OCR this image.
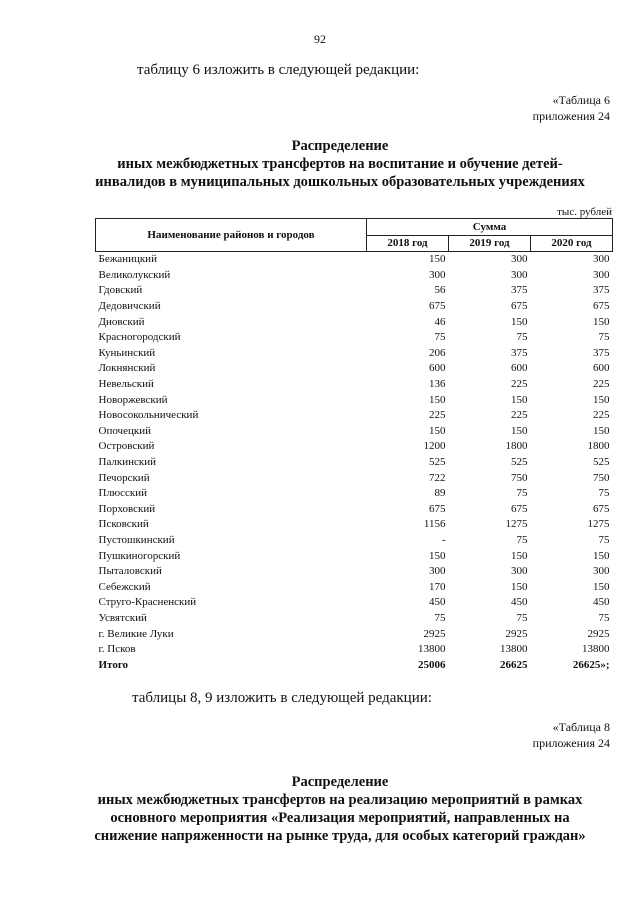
92
таблицу 6 изложить в следующей редакции:
«Таблица 6
приложения 24
Распределение
иных межбюджетных трансфертов на воспитание и обучение детей-
инвалидов в муниципальных дошкольных образовательных учреждениях
тыс. рублей
Наименование районов и городов	Сумма		
	2018 год	2019 год	2020 год
Бежаницкий	150	300	300
Великолукский	300	300	300
Гдовский	56	375	375
Дедовичский	675	675	675
Дновский	46	150	150
Красногородский	75	75	75
Куньинский	206	375	375
Локнянский	600	600	600
Невельский	136	225	225
Новоржевский	150	150	150
Новосокольнический	225	225	225
Опочецкий	150	150	150
Островский	1200	1800	1800
Палкинский	525	525	525
Печорский	722	750	750
Плюсский	89	75	75
Порховский	675	675	675
Псковский	1156	1275	1275
Пустошкинский	-	75	75
Пушкиногорский	150	150	150
Пыталовский	300	300	300
Себежский	170	150	150
Струго-Красненский	450	450	450
Усвятский	75	75	75
г. Великие Луки	2925	2925	2925
г. Псков	13800	13800	13800
Итого	25006	26625	26625»;
таблицы 8, 9 изложить в следующей редакции:
«Таблица 8
приложения 24
Распределение
иных межбюджетных трансфертов на реализацию мероприятий в рамках
основного мероприятия «Реализация мероприятий, направленных на
снижение напряженности на рынке труда, для особых категорий граждан»
